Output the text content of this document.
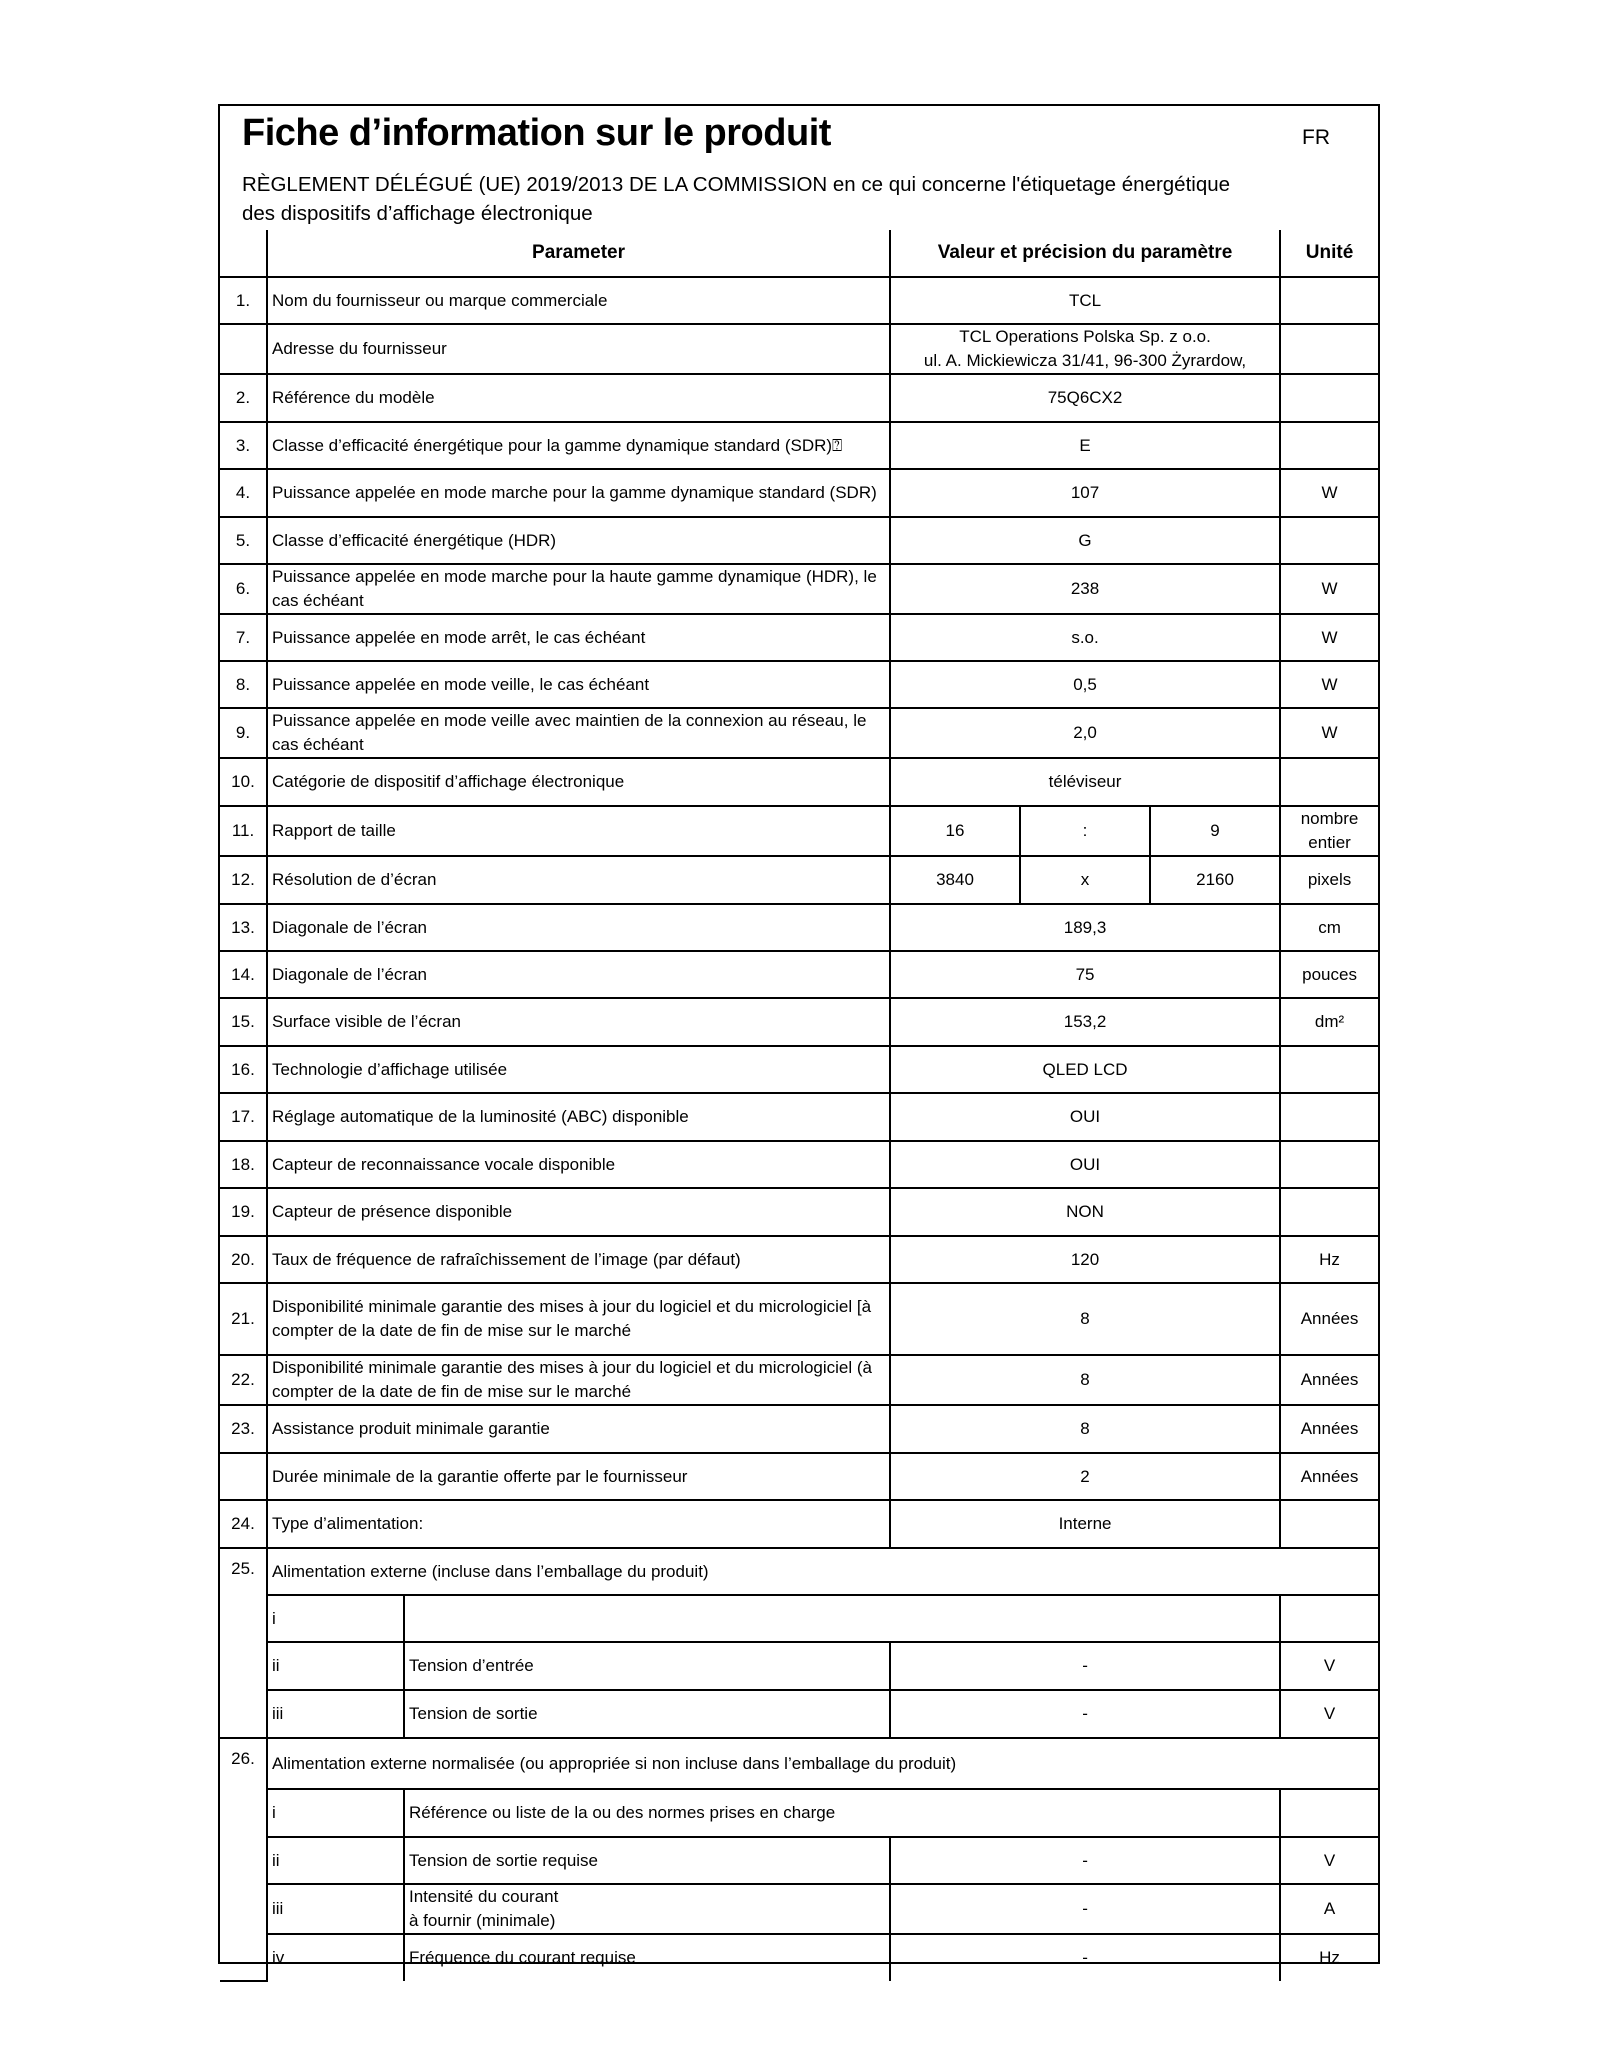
Fiche d’information sur le produit	FR
RÈGLEMENT DÉLÉGUÉ (UE) 2019/2013 DE LA COMMISSION en ce qui concerne l'étiquetage énergétique des dispositifs d’affichage électronique
	Parameter		Valeur et précision du paramètre			Unité
1.	Nom du fournisseur ou marque commerciale		TCL			
	Adresse du fournisseur		TCL Operations Polska Sp. z o.o.
ul. A. Mickiewicza 31/41, 96-300 Żyrardow,			
2.	Référence du modèle		75Q6CX2			
3.	Classe d’efficacité énergétique pour la gamme dynamique standard (SDR)⍰		E			
4.	Puissance appelée en mode marche pour la gamme dynamique standard (SDR)		107			W
5.	Classe d’efficacité énergétique (HDR)		G			
6.	Puissance appelée en mode marche pour la haute gamme dynamique (HDR), le cas échéant		238			W
7.	Puissance appelée en mode arrêt, le cas échéant		s.o.			W
8.	Puissance appelée en mode veille, le cas échéant		0,5			W
9.	Puissance appelée en mode veille avec maintien de la connexion au réseau, le cas échéant		2,0			W
10.	Catégorie de dispositif d’affichage électronique		téléviseur			
11.	Rapport de taille		16	:	9	nombre entier
12.	Résolution de d’écran		3840	x	2160	pixels
13.	Diagonale de l’écran		189,3			cm
14.	Diagonale de l’écran		75			pouces
15.	Surface visible de l’écran		153,2			dm²
16.	Technologie d’affichage utilisée		QLED LCD			
17.	Réglage automatique de la luminosité (ABC) disponible		OUI			
18.	Capteur de reconnaissance vocale disponible		OUI			
19.	Capteur de présence disponible		NON			
20.	Taux de fréquence de rafraîchissement de l’image (par défaut)		120			Hz
21.	Disponibilité minimale garantie des mises à jour du logiciel et du micrologiciel [à compter de la date de fin de mise sur le marché		8			Années
22.	Disponibilité minimale garantie des mises à jour du logiciel et du micrologiciel (à compter de la date de fin de mise sur le marché		8			Années
23.	Assistance produit minimale garantie		8			Années
	Durée minimale de la garantie offerte par le fournisseur		2			Années
24.	Type d’alimentation:		Interne			
25.	Alimentation externe (incluse dans l’emballage du produit)					
	i					
	ii	Tension d’entrée	-			V
	iii	Tension de sortie	-			V
26.	Alimentation externe normalisée (ou appropriée si non incluse dans l’emballage du produit)					
	i	Référence ou liste de la ou des normes prises en charge				
	ii	Tension de sortie requise	-			V
	iii	Intensité du courant
à fournir (minimale)	-			A
	iv	Fréquence du courant requise	-			Hz
